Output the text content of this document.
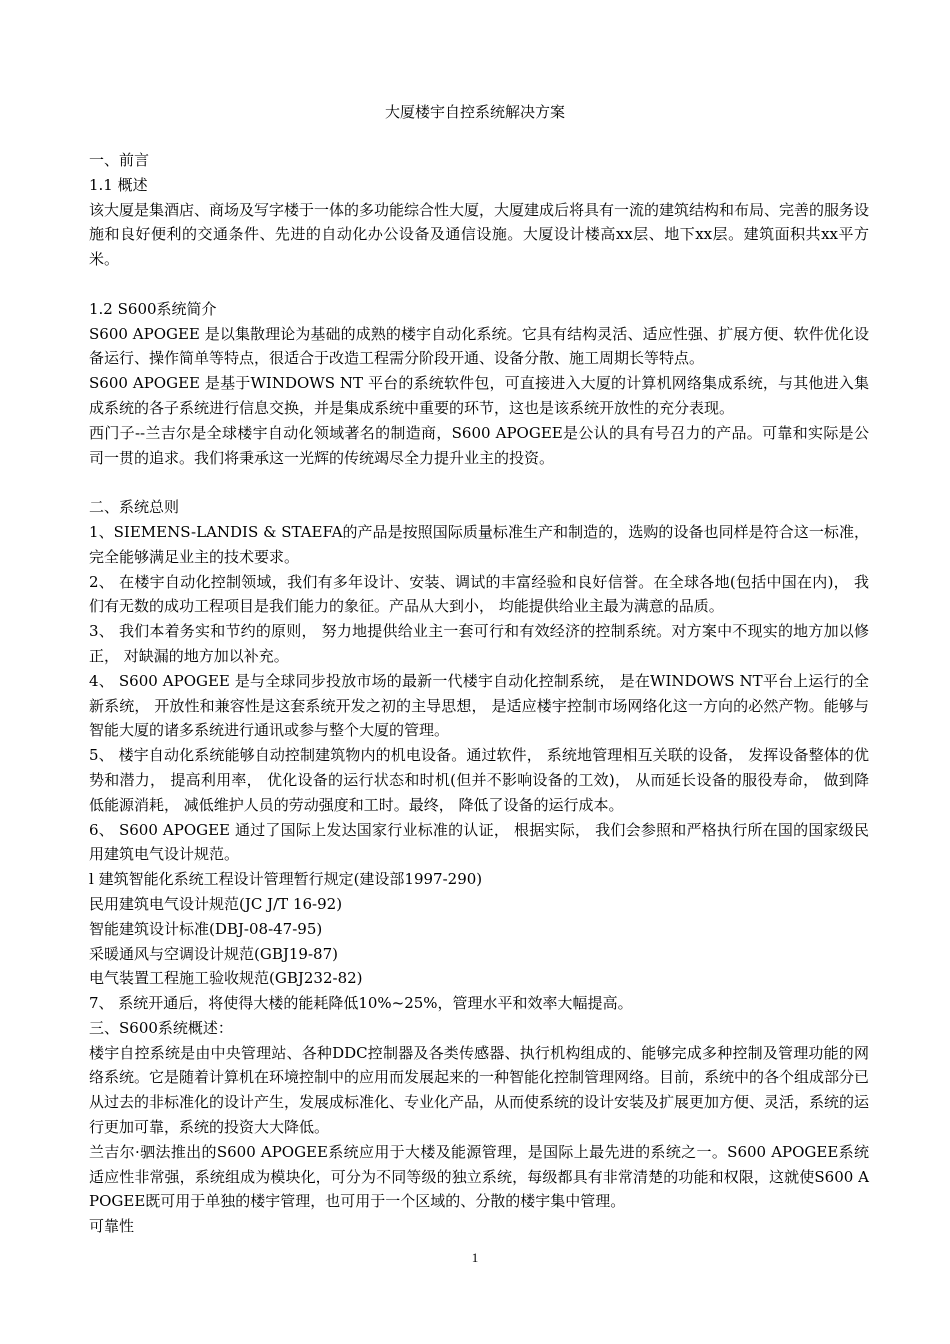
大厦楼宇自控系统解决方案

一、前言

1.1 概述

该大厦是集酒店、商场及写字楼于一体的多功能综合性大厦，大厦建成后将具有一流的建筑结构和布局、完善的服务设施和良好便利的交通条件、先进的自动化办公设备及通信设施。大厦设计楼高xx层、地下xx层。建筑面积共xx平方米。

1.2 S600系统简介

S600 APOGEE 是以集散理论为基础的成熟的楼宇自动化系统。它具有结构灵活、适应性强、扩展方便、软件优化设备运行、操作简单等特点，很适合于改造工程需分阶段开通、设备分散、施工周期长等特点。

S600 APOGEE 是基于WINDOWS NT 平台的系统软件包，可直接进入大厦的计算机网络集成系统，与其他进入集成系统的各子系统进行信息交换，并是集成系统中重要的环节，这也是该系统开放性的充分表现。

西门子--兰吉尔是全球楼宇自动化领域著名的制造商，S600 APOGEE是公认的具有号召力的产品。可靠和实际是公司一贯的追求。我们将秉承这一光辉的传统竭尽全力提升业主的投资。

二、系统总则

1、SIEMENS-LANDIS & STAEFA的产品是按照国际质量标准生产和制造的，选购的设备也同样是符合这一标准，完全能够满足业主的技术要求。

2、 在楼宇自动化控制领域，我们有多年设计、安装、调试的丰富经验和良好信誉。在全球各地(包括中国在内)， 我们有无数的成功工程项目是我们能力的象征。产品从大到小， 均能提供给业主最为满意的品质。

3、 我们本着务实和节约的原则， 努力地提供给业主一套可行和有效经济的控制系统。对方案中不现实的地方加以修正， 对缺漏的地方加以补充。

4、 S600 APOGEE 是与全球同步投放市场的最新一代楼宇自动化控制系统， 是在WINDOWS NT平台上运行的全新系统， 开放性和兼容性是这套系统开发之初的主导思想， 是适应楼宇控制市场网络化这一方向的必然产物。能够与智能大厦的诸多系统进行通讯或参与整个大厦的管理。

5、 楼宇自动化系统能够自动控制建筑物内的机电设备。通过软件， 系统地管理相互关联的设备， 发挥设备整体的优势和潜力， 提高利用率， 优化设备的运行状态和时机(但并不影响设备的工效)， 从而延长设备的服役寿命， 做到降低能源消耗， 减低维护人员的劳动强度和工时。最终， 降低了设备的运行成本。

6、 S600 APOGEE 通过了国际上发达国家行业标准的认证， 根据实际， 我们会参照和严格执行所在国的国家级民用建筑电气设计规范。

l 建筑智能化系统工程设计管理暂行规定(建设部1997-290)

民用建筑电气设计规范(JC J/T 16-92)

智能建筑设计标准(DBJ-08-47-95)

采暖通风与空调设计规范(GBJ19-87)

电气装置工程施工验收规范(GBJ232-82)

7、 系统开通后，将使得大楼的能耗降低10%~25%，管理水平和效率大幅提高。

三、S600系统概述：

楼宇自控系统是由中央管理站、各种DDC控制器及各类传感器、执行机构组成的、能够完成多种控制及管理功能的网络系统。它是随着计算机在环境控制中的应用而发展起来的一种智能化控制管理网络。目前，系统中的各个组成部分已从过去的非标准化的设计产生，发展成标准化、专业化产品，从而使系统的设计安装及扩展更加方便、灵活，系统的运行更加可靠，系统的投资大大降低。

兰吉尔·驷法推出的S600 APOGEE系统应用于大楼及能源管理，是国际上最先进的系统之一。S600 APOGEE系统适应性非常强，系统组成为模块化，可分为不同等级的独立系统，每级都具有非常清楚的功能和权限，这就使S600 APOGEE既可用于单独的楼宇管理，也可用于一个区域的、分散的楼宇集中管理。

可靠性

1
